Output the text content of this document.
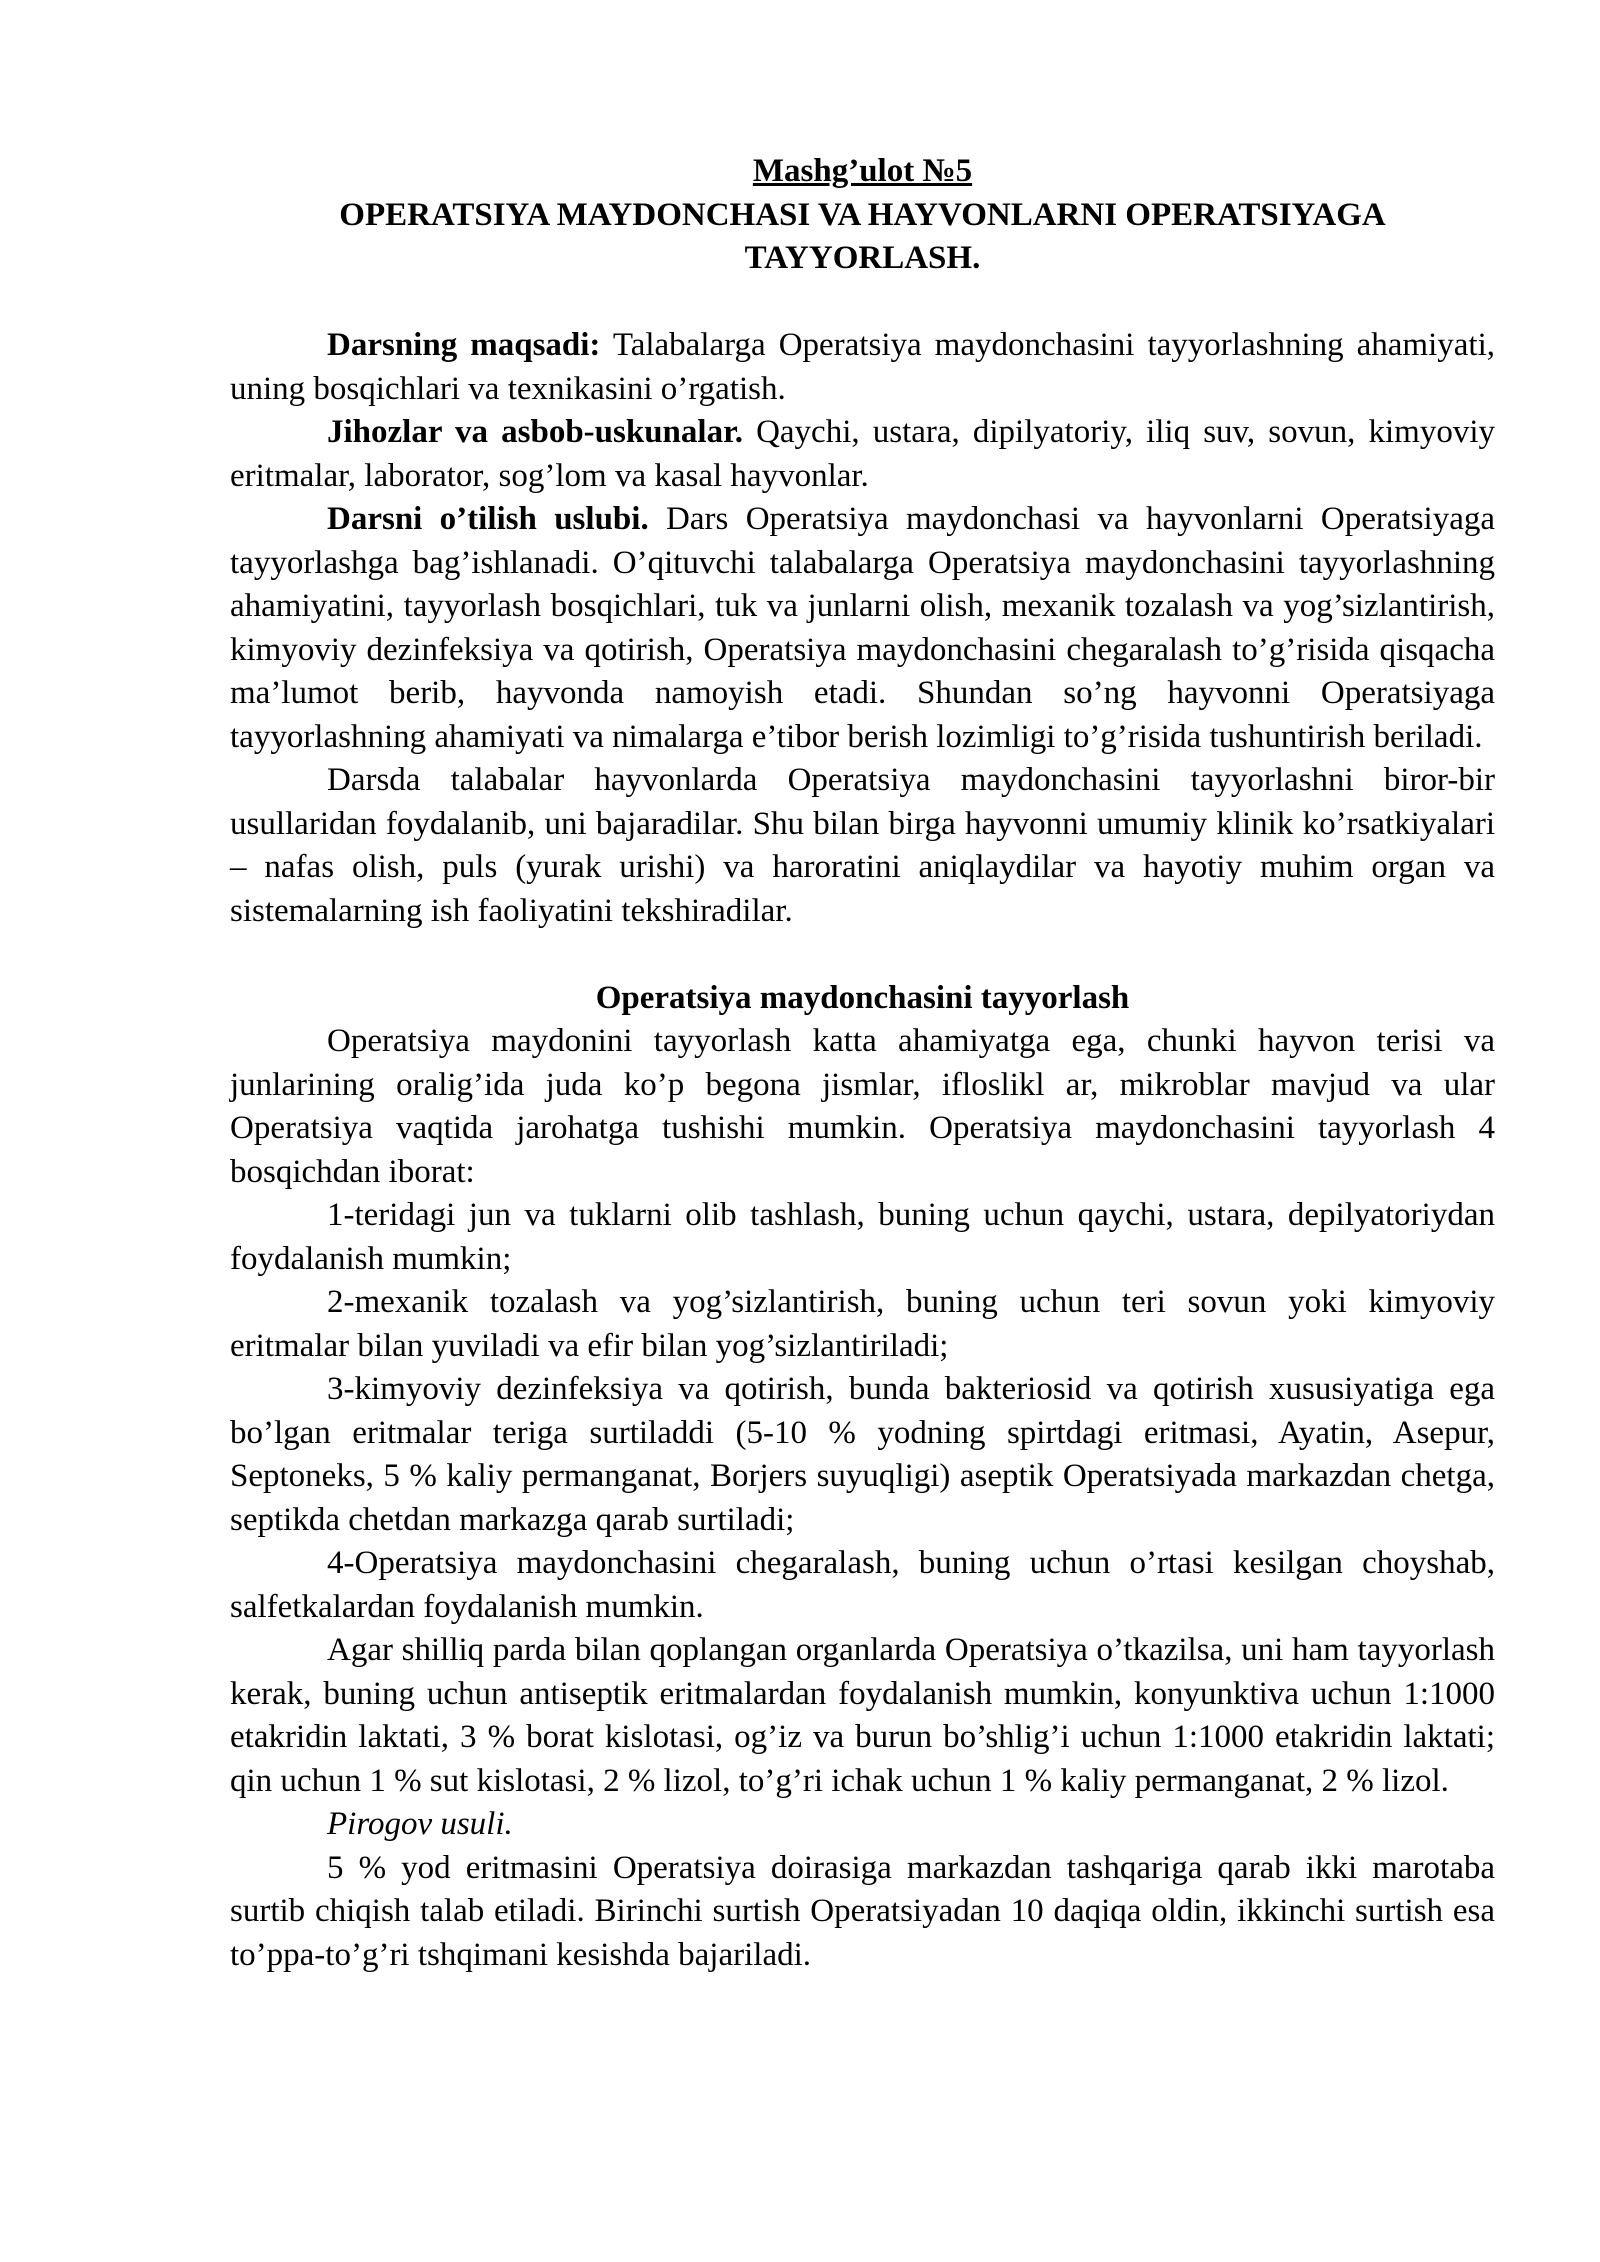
Mashg’ulot №5

OPERATSIYA MAYDONCHASI VA HAYVONLARNI OPERATSIYAGA TAYYORLASH.

Darsning maqsadi: Talabalarga Operatsiya maydonchasini tayyorlashning ahamiyati, uning bosqichlari va texnikasini o’rgatish.

Jihozlar va asbob-uskunalar. Qaychi, ustara, dipilyatoriy, iliq suv, sovun, kimyoviy eritmalar, laborator, sog’lom va kasal hayvonlar.

Darsni o’tilish uslubi. Dars Operatsiya maydonchasi va hayvonlarni Operatsiyaga tayyorlashga bag’ishlanadi. O’qituvchi talabalarga Operatsiya maydonchasini tayyorlashning ahamiyatini, tayyorlash bosqichlari, tuk va junlarni olish, mexanik tozalash va yog’sizlantirish, kimyoviy dezinfeksiya va qotirish, Operatsiya maydonchasini chegaralash to’g’risida qisqacha ma’lumot berib, hayvonda namoyish etadi. Shundan so’ng hayvonni Operatsiyaga tayyorlashning ahamiyati va nimalarga e’tibor berish lozimligi to’g’risida tushuntirish beriladi.

Darsda talabalar hayvonlarda Operatsiya maydonchasini tayyorlashni biror-bir usullaridan foydalanib, uni bajaradilar. Shu bilan birga hayvonni umumiy klinik ko’rsatkiyalari – nafas olish, puls (yurak urishi) va haroratini aniqlaydilar va hayotiy muhim organ va sistemalarning ish faoliyatini tekshiradilar.

Operatsiya maydonchasini tayyorlash

Operatsiya maydonini tayyorlash katta ahamiyatga ega, chunki hayvon terisi va junlarining oralig’ida juda ko’p begona jismlar, ifloslikl ar, mikroblar mavjud va ular Operatsiya vaqtida jarohatga tushishi mumkin. Operatsiya maydonchasini tayyorlash 4 bosqichdan iborat:

1-teridagi jun va tuklarni olib tashlash, buning uchun qaychi, ustara, depilyatoriydan foydalanish mumkin;

2-mexanik tozalash va yog’sizlantirish, buning uchun teri sovun yoki kimyoviy eritmalar bilan yuviladi va efir bilan yog’sizlantiriladi;

3-kimyoviy dezinfeksiya va qotirish, bunda bakteriosid va qotirish xususiyatiga ega bo’lgan eritmalar teriga surtiladdi (5-10 % yodning spirtdagi eritmasi, Ayatin, Asepur, Septoneks, 5 % kaliy permanganat, Borjers suyuqligi) aseptik Operatsiyada markazdan chetga, septikda chetdan markazga qarab surtiladi;

4-Operatsiya maydonchasini chegaralash, buning uchun o’rtasi kesilgan choyshab, salfetkalardan foydalanish mumkin.

Agar shilliq parda bilan qoplangan organlarda Operatsiya o’tkazilsa, uni ham tayyorlash kerak, buning uchun antiseptik eritmalardan foydalanish mumkin, konyunktiva uchun 1:1000 etakridin laktati, 3 % borat kislotasi, og’iz va burun bo’shlig’i uchun 1:1000 etakridin laktati; qin uchun 1 % sut kislotasi, 2 % lizol, to’g’ri ichak uchun 1 % kaliy permanganat, 2 % lizol.

Pirogov usuli.

5 % yod eritmasini Operatsiya doirasiga markazdan tashqariga qarab ikki marotaba surtib chiqish talab etiladi. Birinchi surtish Operatsiyadan 10 daqiqa oldin, ikkinchi surtish esa to’ppa-to’g’ri tshqimani kesishda bajariladi.
